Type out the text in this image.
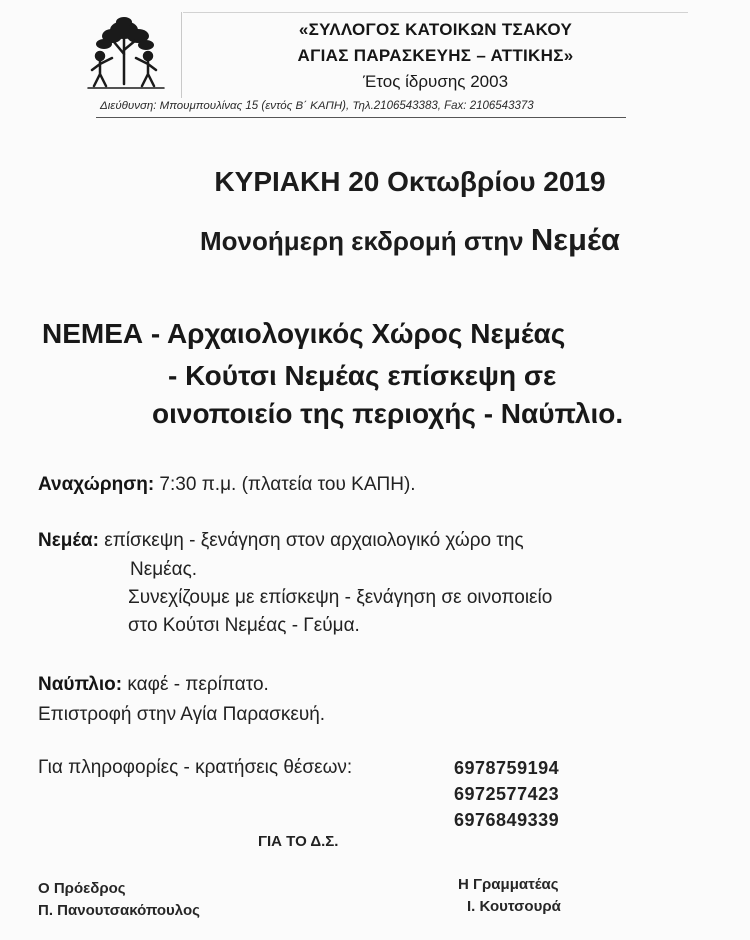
«ΣΥΛΛΟΓΟΣ ΚΑΤΟΙΚΩΝ ΤΣΑΚΟΥ
ΑΓΙΑΣ ΠΑΡΑΣΚΕΥΗΣ – ΑΤΤΙΚΗΣ»
Έτος ίδρυσης 2003
Διεύθυνση: Μπουμπουλίνας 15 (εντός Β΄ ΚΑΠΗ), Τηλ.2106543383, Fax: 2106543373
ΚΥΡΙΑΚΗ 20 Οκτωβρίου 2019
Μονοήμερη εκδρομή στην Νεμέα
ΝΕΜΕΑ - Αρχαιολογικός Χώρος Νεμέας
- Κούτσι Νεμέας επίσκεψη σε
οινοποιείο της περιοχής - Ναύπλιο.
Αναχώρηση: 7:30 π.μ. (πλατεία του ΚΑΠΗ).
Νεμέα: επίσκεψη - ξενάγηση στον αρχαιολογικό χώρο της
Νεμέας.
Συνεχίζουμε με επίσκεψη - ξενάγηση σε οινοποιείο
στο Κούτσι Νεμέας - Γεύμα.
Ναύπλιο: καφέ - περίπατο.
Επιστροφή στην Αγία Παρασκευή.
Για πληροφορίες - κρατήσεις θέσεων:	6978759194
6972577423
6976849339
ΓΙΑ ΤΟ Δ.Σ.
Ο Πρόεδρος
Π. Πανουτσακόπουλος
Η Γραμματέας
Ι. Κουτσουρά
